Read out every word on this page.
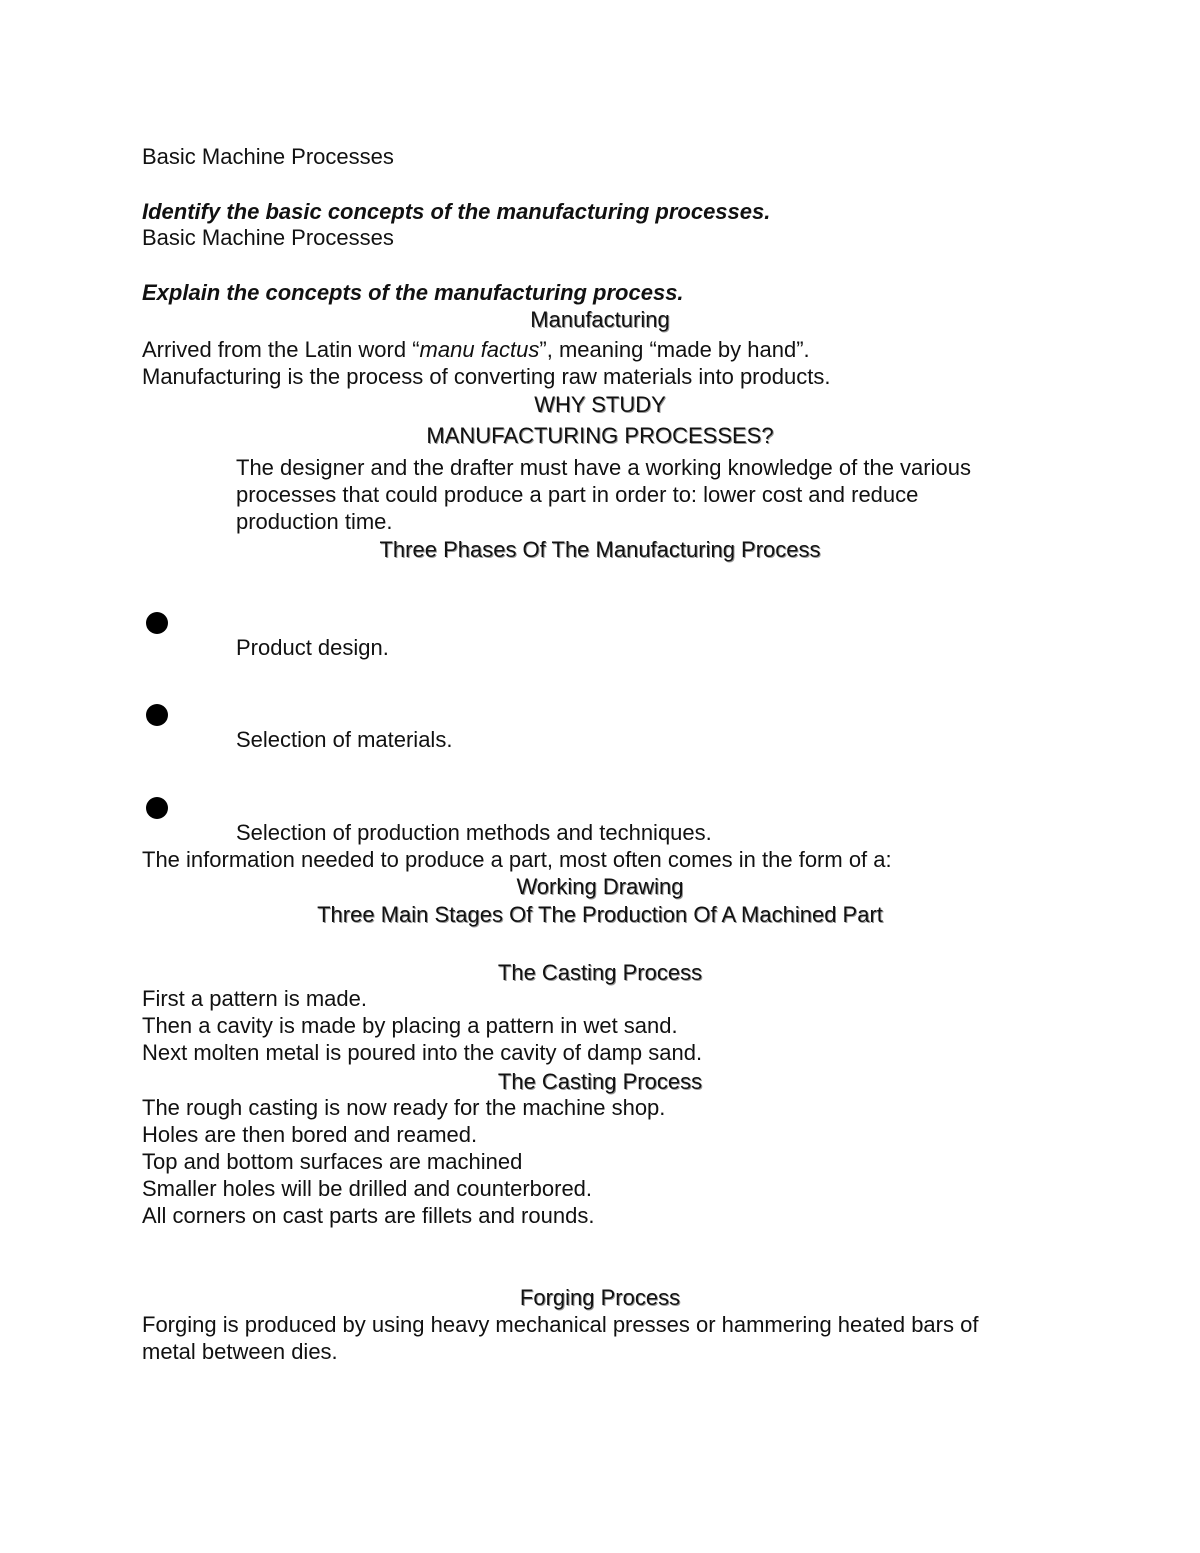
Basic Machine Processes
Identify the basic concepts of the manufacturing processes.
Basic Machine Processes
Explain the concepts of the manufacturing process.
Manufacturing
Arrived from the Latin word “manu factus”, meaning “made by hand”.
Manufacturing is the process of converting raw materials into products.
WHY STUDY
MANUFACTURING PROCESSES?
The designer and the drafter must have a working knowledge of the various
processes that could produce a part in order to: lower cost and reduce
production time.
Three Phases Of The Manufacturing Process
Product design.
Selection of materials.
Selection of production methods and techniques.
The information needed to produce a part, most often comes in the form of a:
Working Drawing
Three Main Stages Of The Production Of A Machined Part
The Casting Process
First a pattern is made.
Then a cavity is made by placing a pattern in wet sand.
Next molten metal is poured into the cavity of damp sand.
The Casting Process
The rough casting is now ready for the machine shop.
Holes are then bored and reamed.
Top and bottom surfaces are machined
Smaller holes will be drilled and counterbored.
All corners on cast parts are fillets and rounds.
Forging Process
Forging is produced by using heavy mechanical presses or hammering heated bars of
metal between dies.
